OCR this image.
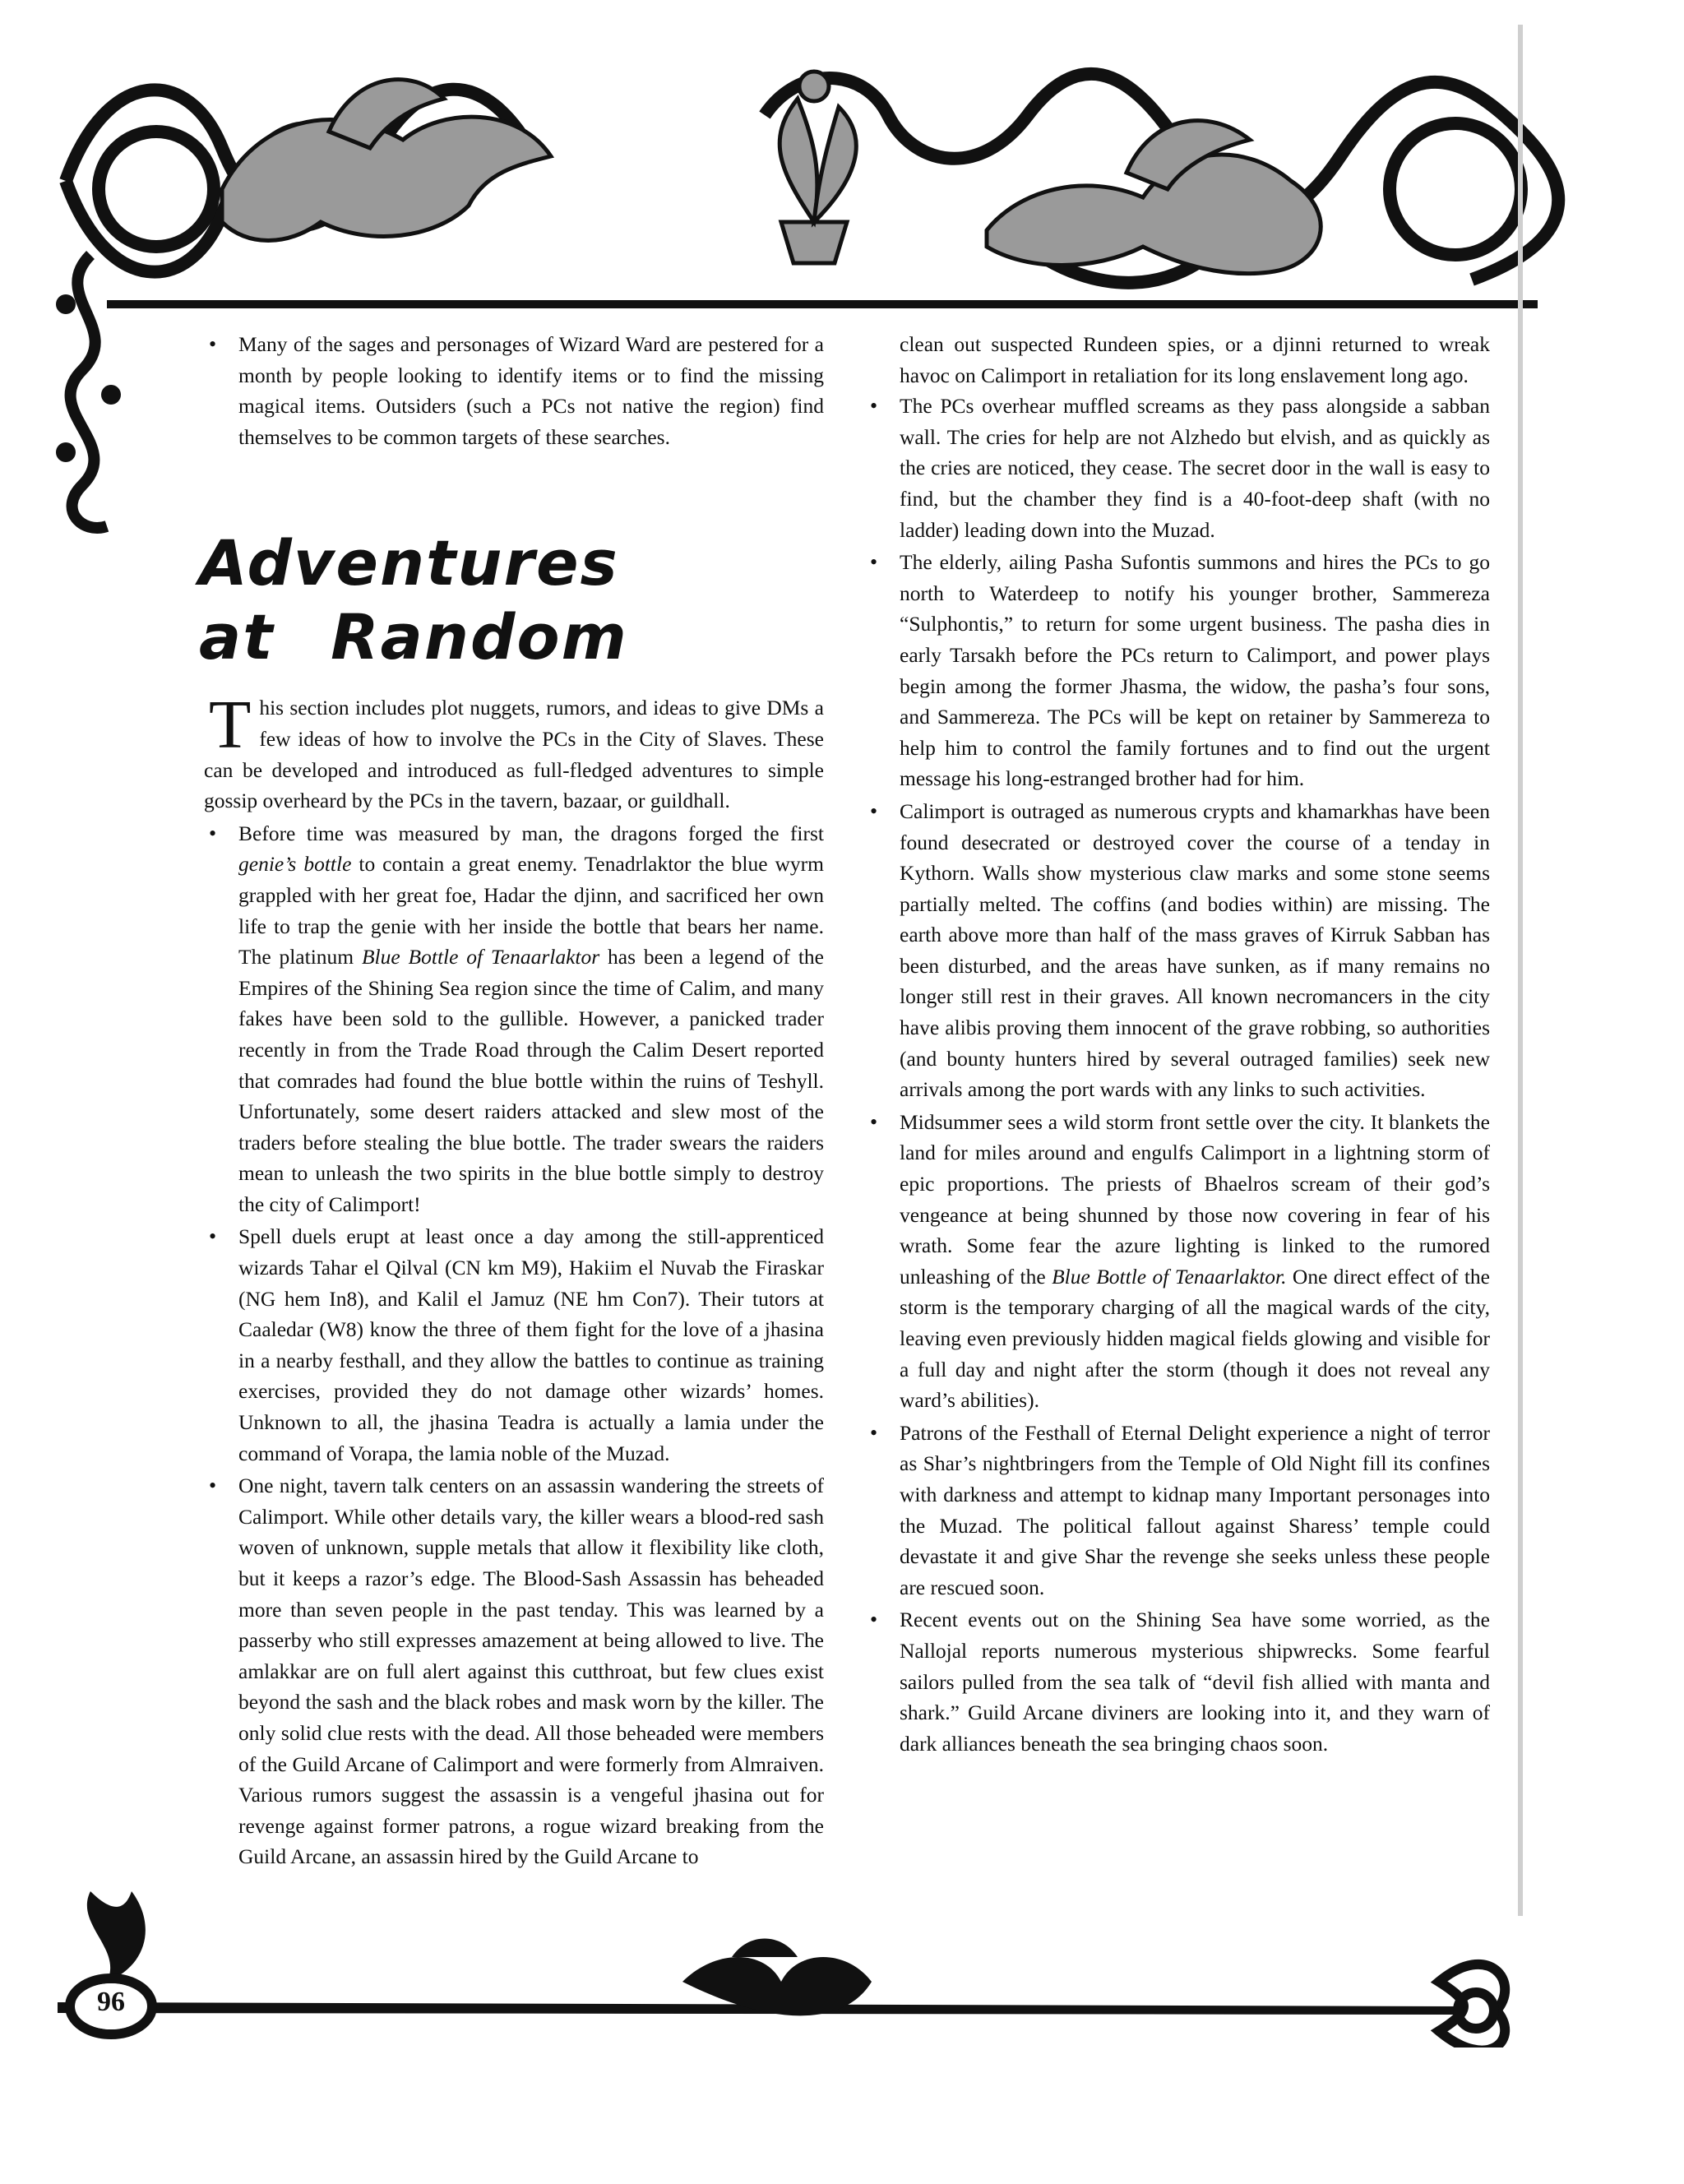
• Many of the sages and personages of Wizard Ward are pestered for a month by people looking to identify items or to find the missing magical items. Outsiders (such a PCs not native the region) find themselves to be common targets of these searches.
Adventures at Random

This section includes plot nuggets, rumors, and ideas to give DMs a few ideas of how to involve the PCs in the City of Slaves. These can be developed and introduced as full-fledged adventures to simple gossip overheard by the PCs in the tavern, bazaar, or guildhall.

• Before time was measured by man, the dragons forged the first genie’s bottle to contain a great enemy. Tenadrlaktor the blue wyrm grappled with her great foe, Hadar the djinn, and sacrificed her own life to trap the genie with her inside the bottle that bears her name. The platinum Blue Bottle of Tenaarlaktor has been a legend of the Empires of the Shining Sea region since the time of Calim, and many fakes have been sold to the gullible. However, a panicked trader recently in from the Trade Road through the Calim Desert reported that comrades had found the blue bottle within the ruins of Teshyll. Unfortunately, some desert raiders attacked and slew most of the traders before stealing the blue bottle. The trader swears the raiders mean to unleash the two spirits in the blue bottle simply to destroy the city of Calimport!
• Spell duels erupt at least once a day among the still-apprenticed wizards Tahar el Qilval (CN km M9), Hakiim el Nuvab the Firaskar (NG hem In8), and Kalil el Jamuz (NE hm Con7). Their tutors at Caaledar (W8) know the three of them fight for the love of a jhasina in a nearby festhall, and they allow the battles to continue as training exercises, provided they do not damage other wizards’ homes. Unknown to all, the jhasina Teadra is actually a lamia under the command of Vorapa, the lamia noble of the Muzad.
• One night, tavern talk centers on an assassin wandering the streets of Calimport. While other details vary, the killer wears a blood-red sash woven of unknown, supple metals that allow it flexibility like cloth, but it keeps a razor’s edge. The Blood-Sash Assassin has beheaded more than seven people in the past tenday. This was learned by a passerby who still expresses amazement at being allowed to live. The amlakkar are on full alert against this cutthroat, but few clues exist beyond the sash and the black robes and mask worn by the killer. The only solid clue rests with the dead. All those beheaded were members of the Guild Arcane of Calimport and were formerly from Almraiven. Various rumors suggest the assassin is a vengeful jhasina out for revenge against former patrons, a rogue wizard breaking from the Guild Arcane, an assassin hired by the Guild Arcane to

clean out suspected Rundeen spies, or a djinni returned to wreak havoc on Calimport in retaliation for its long enslavement long ago.

• The PCs overhear muffled screams as they pass alongside a sabban wall. The cries for help are not Alzhedo but elvish, and as quickly as the cries are noticed, they cease. The secret door in the wall is easy to find, but the chamber they find is a 40-foot-deep shaft (with no ladder) leading down into the Muzad.
• The elderly, ailing Pasha Sufontis summons and hires the PCs to go north to Waterdeep to notify his younger brother, Sammereza “Sulphontis,” to return for some urgent business. The pasha dies in early Tarsakh before the PCs return to Calimport, and power plays begin among the former Jhasma, the widow, the pasha’s four sons, and Sammereza. The PCs will be kept on retainer by Sammereza to help him to control the family fortunes and to find out the urgent message his long-estranged brother had for him.
• Calimport is outraged as numerous crypts and khamarkhas have been found desecrated or destroyed cover the course of a tenday in Kythorn. Walls show mysterious claw marks and some stone seems partially melted. The coffins (and bodies within) are missing. The earth above more than half of the mass graves of Kirruk Sabban has been disturbed, and the areas have sunken, as if many remains no longer still rest in their graves. All known necromancers in the city have alibis proving them innocent of the grave robbing, so authorities (and bounty hunters hired by several outraged families) seek new arrivals among the port wards with any links to such activities.
• Midsummer sees a wild storm front settle over the city. It blankets the land for miles around and engulfs Calimport in a lightning storm of epic proportions. The priests of Bhaelros scream of their god’s vengeance at being shunned by those now covering in fear of his wrath. Some fear the azure lighting is linked to the rumored unleashing of the Blue Bottle of Tenaarlaktor. One direct effect of the storm is the temporary charging of all the magical wards of the city, leaving even previously hidden magical fields glowing and visible for a full day and night after the storm (though it does not reveal any ward’s abilities).
• Patrons of the Festhall of Eternal Delight experience a night of terror as Shar’s nightbringers from the Temple of Old Night fill its confines with darkness and attempt to kidnap many Important personages into the Muzad. The political fallout against Sharess’ temple could devastate it and give Shar the revenge she seeks unless these people are rescued soon.
• Recent events out on the Shining Sea have some worried, as the Nallojal reports numerous mysterious shipwrecks. Some fearful sailors pulled from the sea talk of “devil fish allied with manta and shark.” Guild Arcane diviners are looking into it, and they warn of dark alliances beneath the sea bringing chaos soon.
96
